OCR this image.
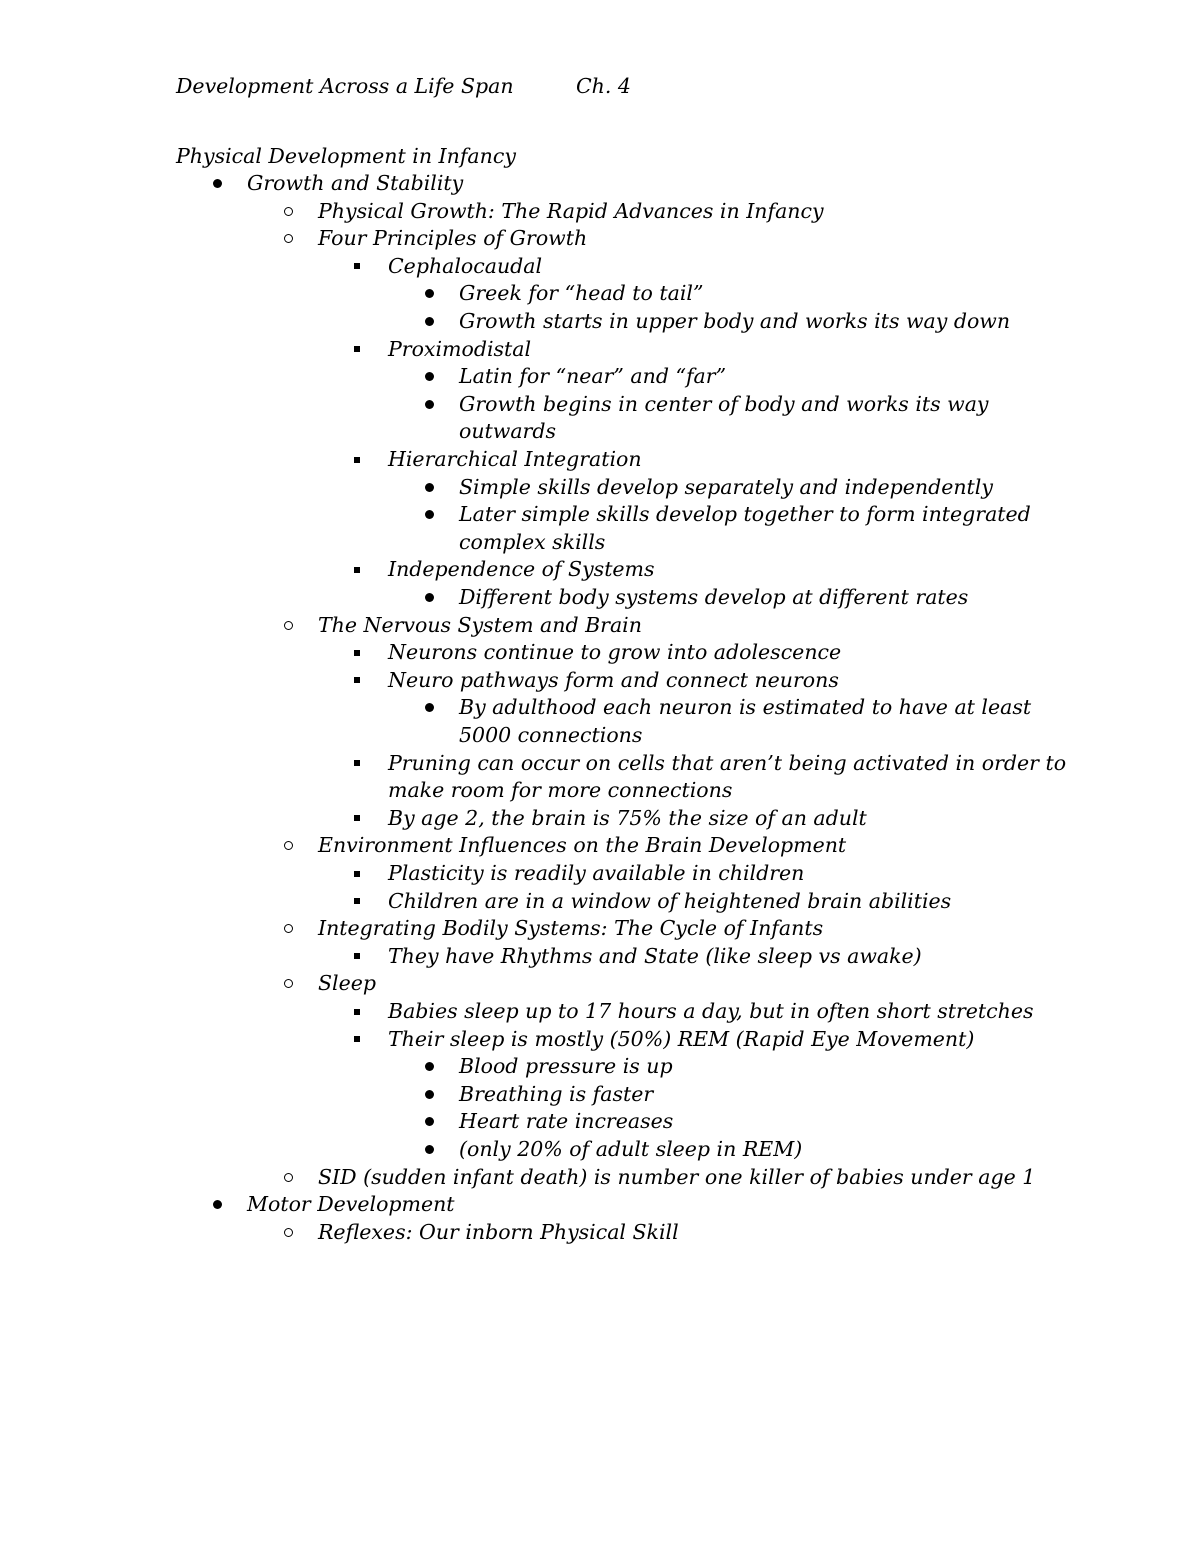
Development Across a Life Span	Ch. 4
Physical Development in Infancy
Growth and Stability
Physical Growth: The Rapid Advances in Infancy
Four Principles of Growth
Cephalocaudal
Greek for “head to tail”
Growth starts in upper body and works its way down
Proximodistal
Latin for “near” and “far”
Growth begins in center of body and works its way
outwards
Hierarchical Integration
Simple skills develop separately and independently
Later simple skills develop together to form integrated
complex skills
Independence of Systems
Different body systems develop at different rates
The Nervous System and Brain
Neurons continue to grow into adolescence
Neuro pathways form and connect neurons
By adulthood each neuron is estimated to have at least
5000 connections
Pruning can occur on cells that aren’t being activated in order to
make room for more connections
By age 2, the brain is 75% the size of an adult
Environment Influences on the Brain Development
Plasticity is readily available in children
Children are in a window of heightened brain abilities
Integrating Bodily Systems: The Cycle of Infants
They have Rhythms and State (like sleep vs awake)
Sleep
Babies sleep up to 17 hours a day, but in often short stretches
Their sleep is mostly (50%) REM (Rapid Eye Movement)
Blood pressure is up
Breathing is faster
Heart rate increases
(only 20% of adult sleep in REM)
SID (sudden infant death) is number one killer of babies under age 1
Motor Development
Reflexes: Our inborn Physical Skill
